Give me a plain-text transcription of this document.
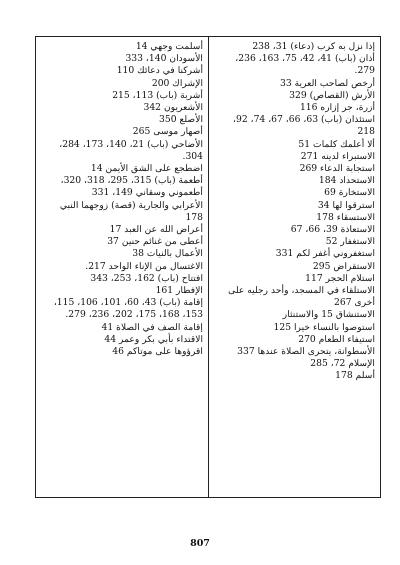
إذا نزل به كرب (دعاء) 31، 238

أذان (باب) 41، 42، 75، 163، 236،

279.

أرخص لصاحب العرية 33

الأرش (القصاص) 329

أزرة، جر إزاره 116

استئذان (باب) 63، 66، 67، 74، 92،

218

ألا أعلمك كلمات 51

الاستبراء لدينه 271

استجابة الدعاء 269

الاستحداد 184

الاستخارة 69

استرقوا لها 34

الاستسقاء 178

الاستعاذة 39، 66، 67

الاستغفار 52

استغفروني أغفر لكم 331

الاستقراض 295

استلام الحجر 117

الاستلقاء في المسجد، وأحد رجليه على

أخرى 267

الاستنشاق 15 والاستنثار

استوصوا بالنساء خيرا 125

استيفاء الطعام 270

الأسطوانة، يتحرى الصلاة عندها 337

الإسلام 72، 285

أسلم 178

أسلمت وجهي 14

الأسودان 140، 333

أشركنا في دعائك 110

الإشراك 200

أشربة (باب) 113، 215

الأشعريون 342

الأصلع 350

أصهار موسى 265

الأضاحي (باب) 21، 140، 173، 284،

304.

اضطجع على الشق الأيمن 14

أطعمة (باب) 315، 295، 318، 320،

أطعموني وسقاني 149، 331

الأعرابي والجارية (قصة) زوجهما النبي 178

أعراض الله عن العبد 17

أعطى من غنائم حنين 37

الأعمال بالنيات 38

الاغتسال من الإناء الواحد 217.

افتتاح (باب) 162، 253، 343

الإفطار 161

إقامة (باب) 43، 60، 101، 106، 115،

153، 168، 175، 202، 236، 279.

إقامة الصف في الصلاة 41

الاقتداء بأبي بكر وعمر 44

اقرؤوها على موتاكم 46

807
